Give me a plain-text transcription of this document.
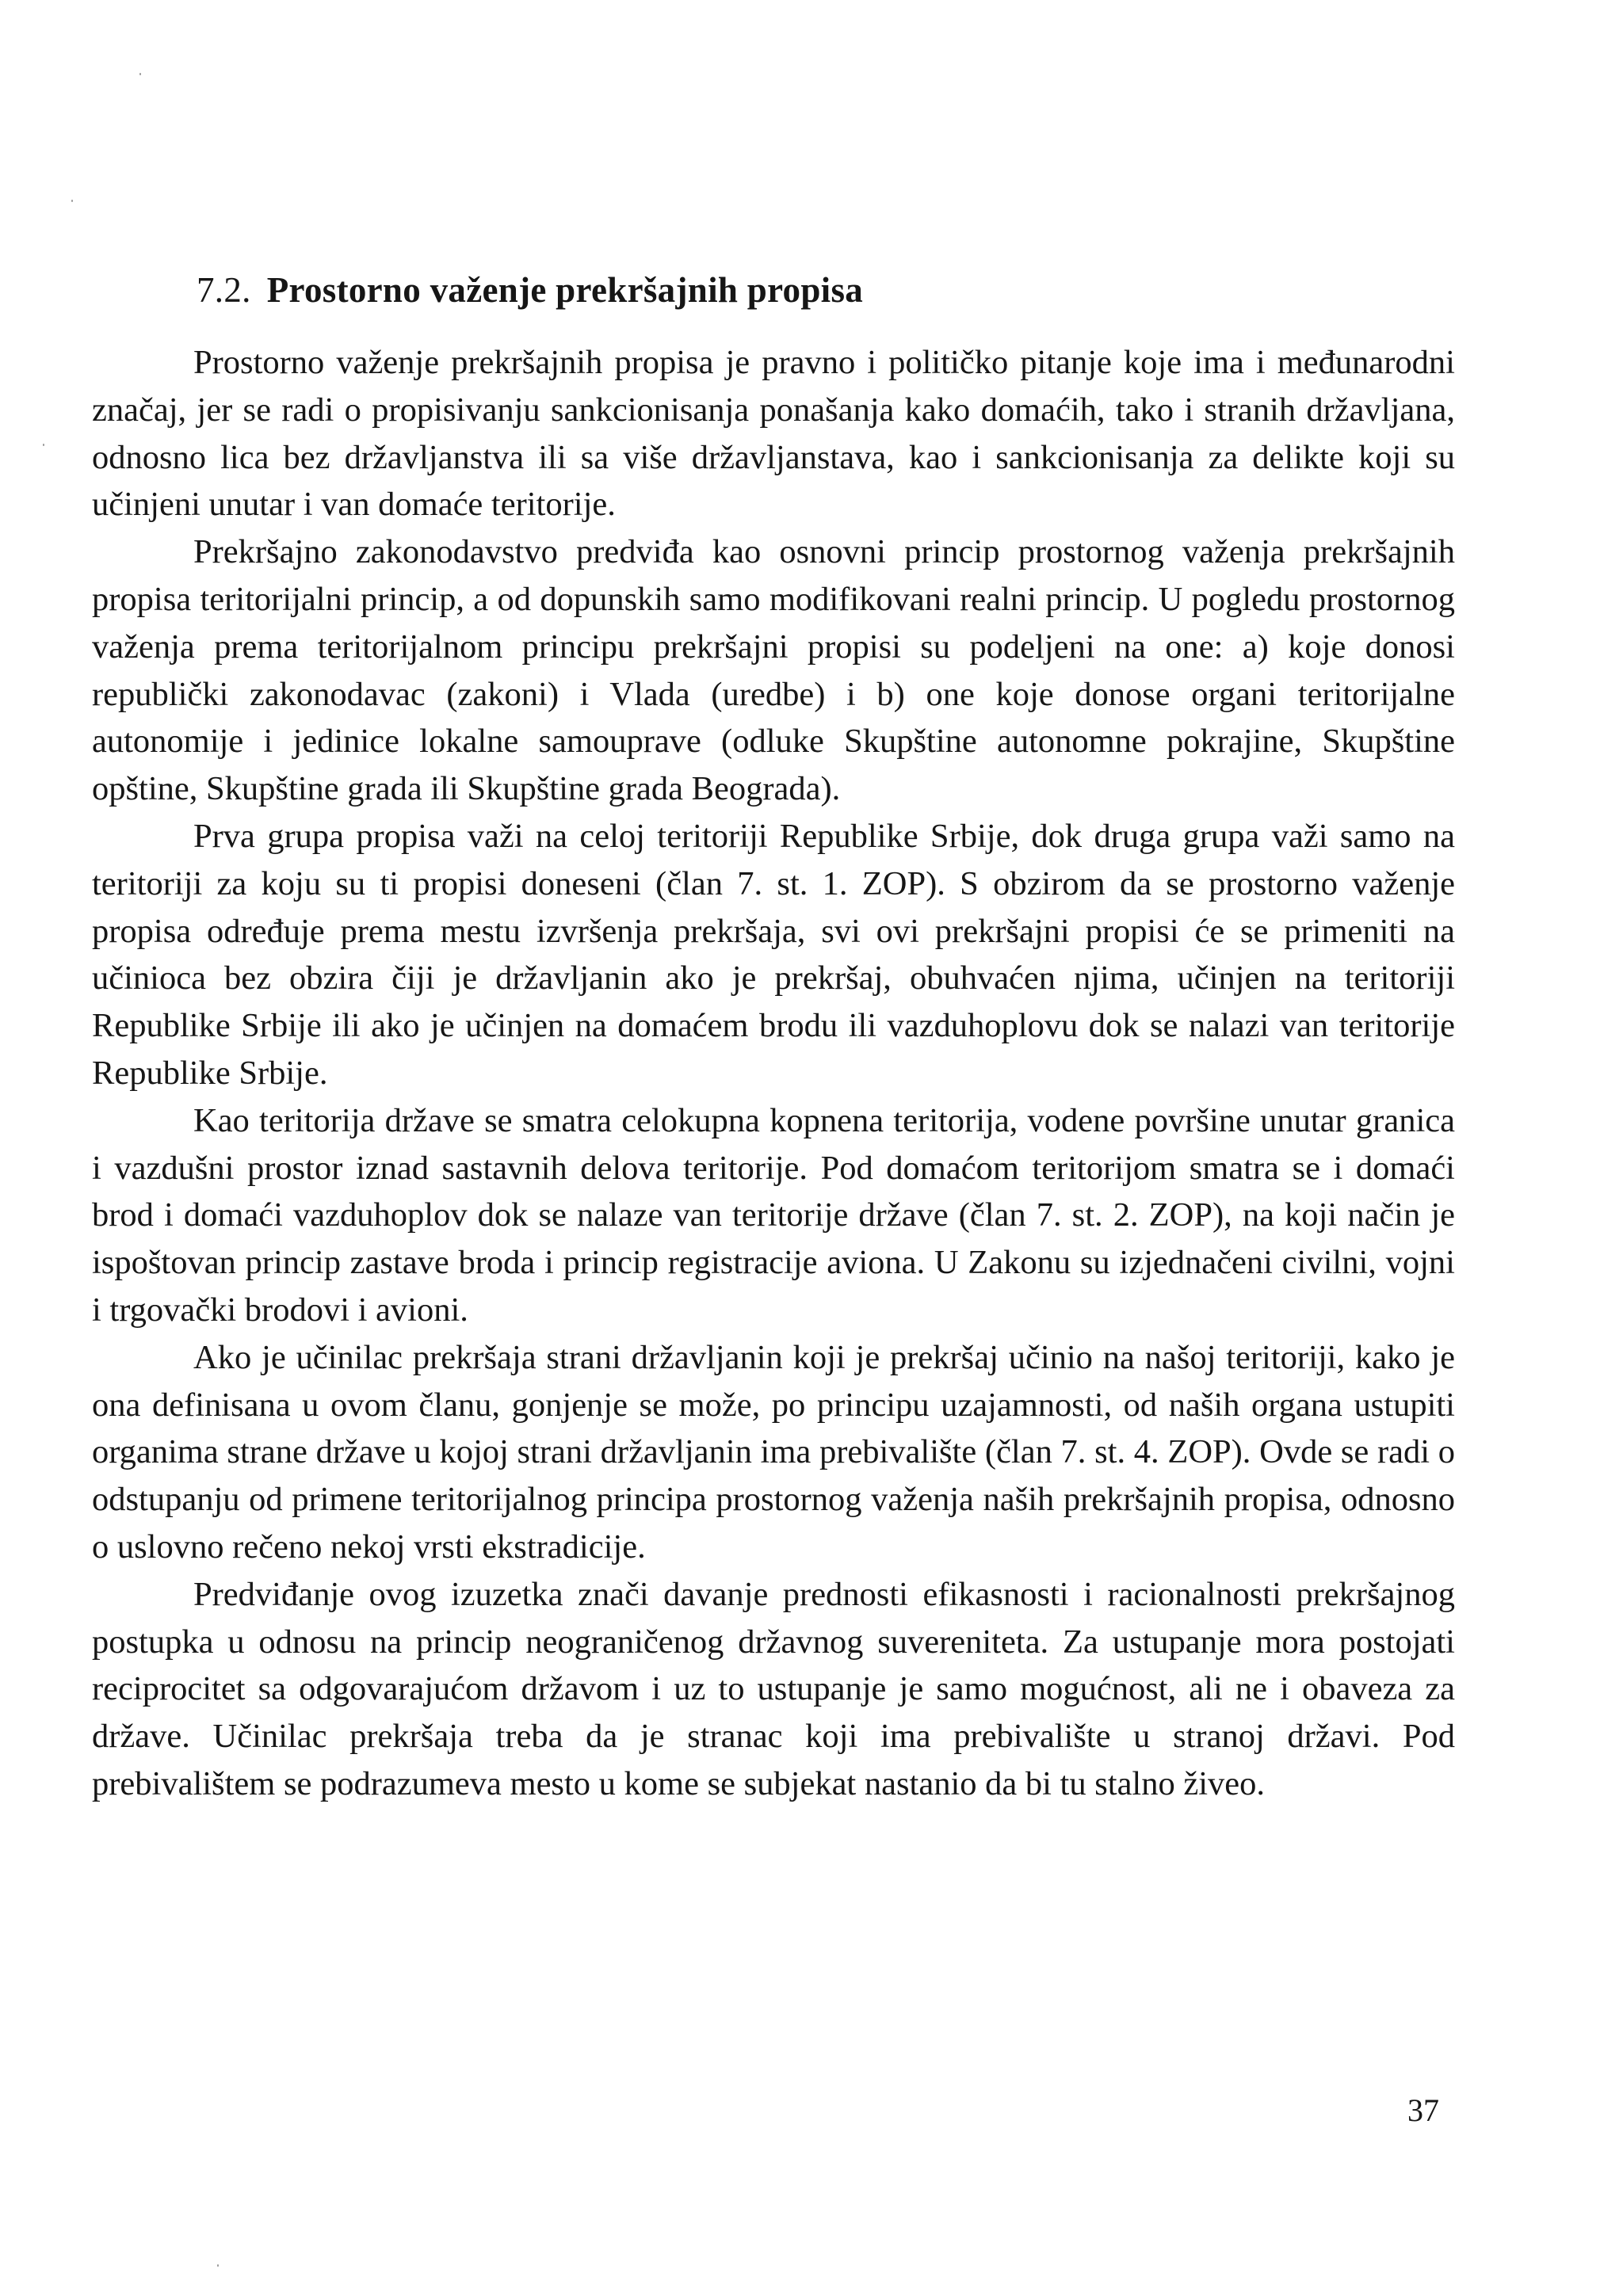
7.2. Prostorno važenje prekršajnih propisa

Prostorno važenje prekršajnih propisa je pravno i političko pitanje koje ima i međunarodni značaj, jer se radi o propisivanju sankcionisanja ponašanja kako domaćih, tako i stranih državljana, odnosno lica bez državljanstva ili sa više državljanstava, kao i sankcionisanja za delikte koji su učinjeni unutar i van domaće teritorije.

Prekršajno zakonodavstvo predviđa kao osnovni princip prostornog važenja prekršajnih propisa teritorijalni princip, a od dopunskih samo modifikovani realni princip. U pogledu prostornog važenja prema teritorijalnom principu prekršajni propisi su podeljeni na one: a) koje donosi republički zakonodavac (zakoni) i Vlada (uredbe) i b) one koje donose organi teritorijalne autonomije i jedinice lokalne samouprave (odluke Skupštine autonomne pokrajine, Skupštine opštine, Skupštine grada ili Skupštine grada Beograda).

Prva grupa propisa važi na celoj teritoriji Republike Srbije, dok druga grupa važi samo na teritoriji za koju su ti propisi doneseni (član 7. st. 1. ZOP). S obzirom da se prostorno važenje propisa određuje prema mestu izvršenja prekršaja, svi ovi prekršajni propisi će se primeniti na učinioca bez obzira čiji je državljanin ako je prekršaj, obuhvaćen njima, učinjen na teritoriji Republike Srbije ili ako je učinjen na domaćem brodu ili vazduhoplovu dok se nalazi van teritorije Republike Srbije.

Kao teritorija države se smatra celokupna kopnena teritorija, vodene površine unutar granica i vazdušni prostor iznad sastavnih delova teritorije. Pod domaćom teritorijom smatra se i domaći brod i domaći vazduhoplov dok se nalaze van teritorije države (član 7. st. 2. ZOP), na koji način je ispoštovan princip zastave broda i princip registracije aviona. U Zakonu su izjednačeni civilni, vojni i trgovački brodovi i avioni.

Ako je učinilac prekršaja strani državljanin koji je prekršaj učinio na našoj teritoriji, kako je ona definisana u ovom članu, gonjenje se može, po principu uzajamnosti, od naših organa ustupiti organima strane države u kojoj strani državljanin ima prebivalište (član 7. st. 4. ZOP). Ovde se radi o odstupanju od primene teritorijalnog principa prostornog važenja naših prekršajnih propisa, odnosno o uslovno rečeno nekoj vrsti ekstradicije.

Predviđanje ovog izuzetka znači davanje prednosti efikasnosti i racionalnosti prekršajnog postupka u odnosu na princip neograničenog državnog suvereniteta. Za ustupanje mora postojati reciprocitet sa odgovarajućom državom i uz to ustupanje je samo mogućnost, ali ne i obaveza za države. Učinilac prekršaja treba da je stranac koji ima prebivalište u stranoj državi. Pod prebivalištem se podrazumeva mesto u kome se subjekat nastanio da bi tu stalno živeo.

37
